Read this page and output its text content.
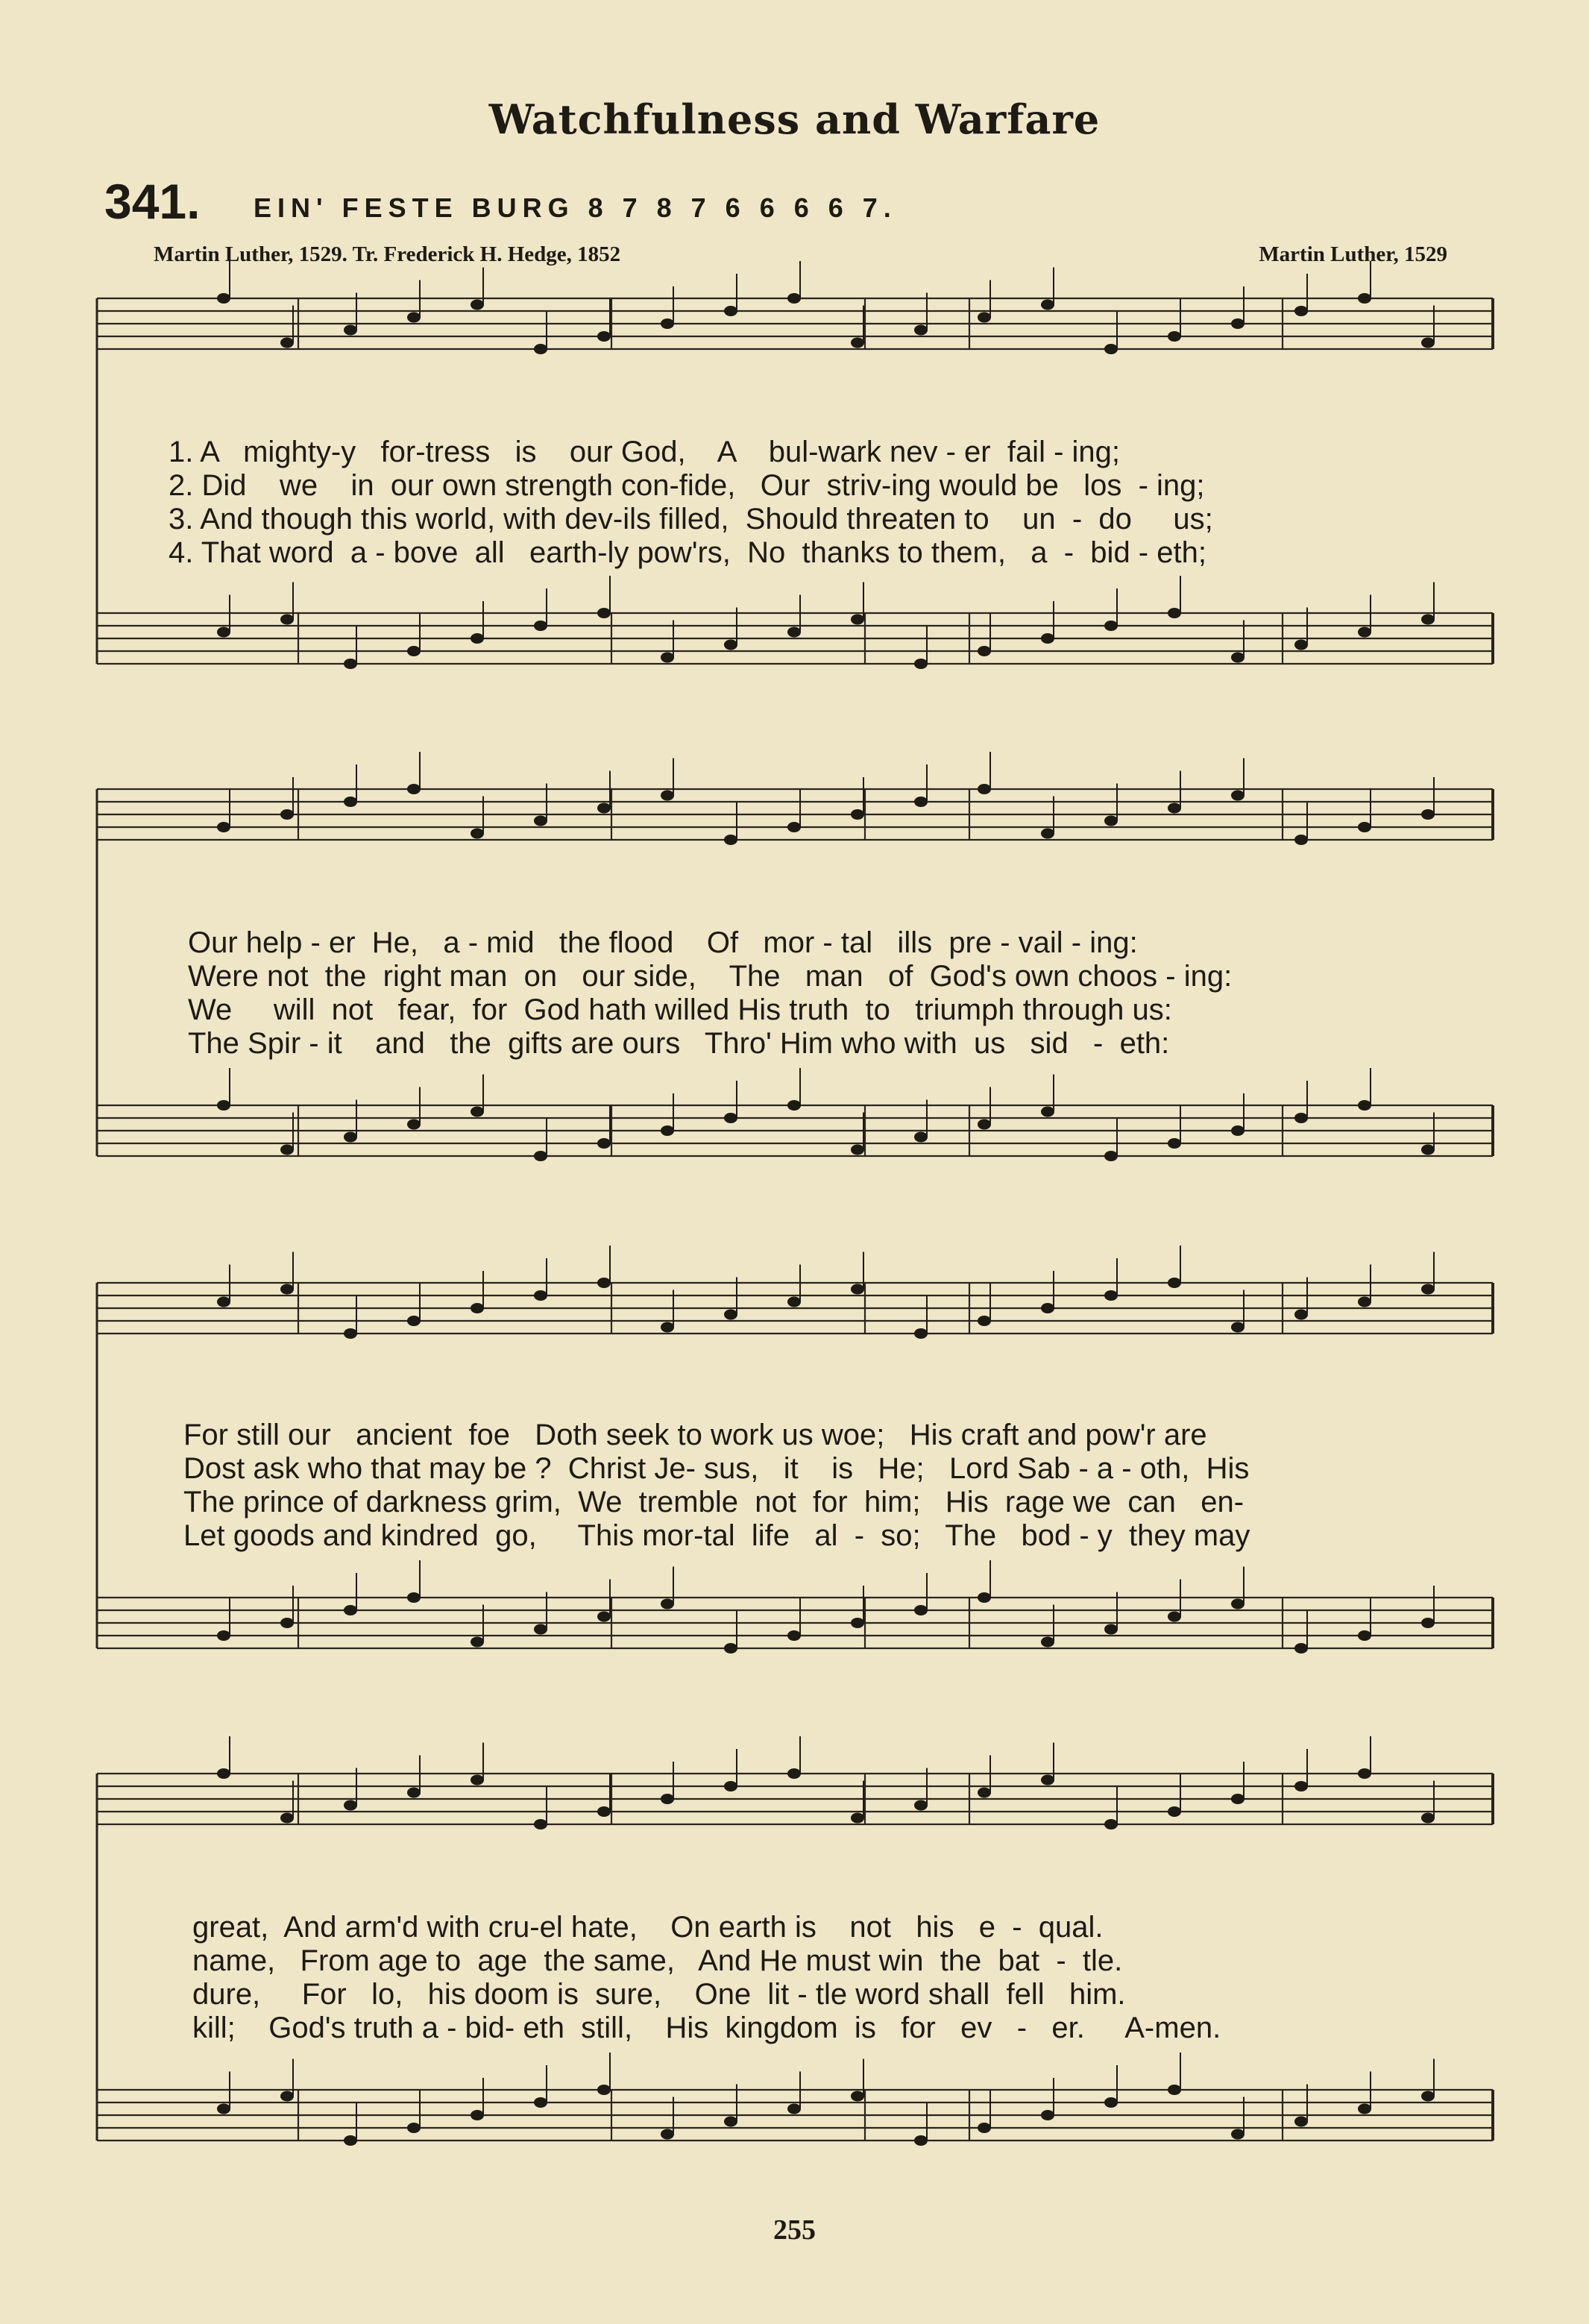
Watchfulness and Warfare
341. EIN' FESTE BURG 8 7 8 7 6 6 6 6 7.
Martin Luther, 1529. Tr. Frederick H. Hedge, 1852	Martin Luther, 1529
1. A   mighty-y   for-tress   is    our God,    A    bul-wark nev - er  fail - ing;
2. Did    we    in  our own strength con-fide,   Our  striv-ing would be   los  - ing;
3. And though this world, with dev-ils filled,  Should threaten to    un  -  do     us;
4. That word  a - bove  all   earth-ly pow'rs,  No  thanks to them,   a  -  bid - eth;
Our help - er  He,   a - mid   the flood    Of   mor - tal   ills  pre - vail - ing:
Were not  the  right man  on   our side,    The   man   of  God's own choos - ing:
We     will  not   fear,  for  God hath willed His truth  to   triumph through us:
The Spir - it    and   the  gifts are ours   Thro' Him who with  us   sid   -  eth:
For still our   ancient  foe   Doth seek to work us woe;   His craft and pow'r are
Dost ask who that may be ?  Christ Je- sus,   it    is   He;   Lord Sab - a - oth,  His
The prince of darkness grim,  We  tremble  not  for  him;   His  rage we  can   en-
Let goods and kindred  go,     This mor-tal  life   al  -  so;   The   bod - y  they may
great,  And arm'd with cru-el hate,    On earth is    not   his   e  -  qual.
name,   From age to  age  the same,   And He must win  the  bat  -  tle.
dure,     For   lo,   his doom is  sure,    One  lit - tle word shall  fell   him.
kill;    God's truth a - bid- eth  still,    His  kingdom  is   for   ev   -   er.     A-men.
255
